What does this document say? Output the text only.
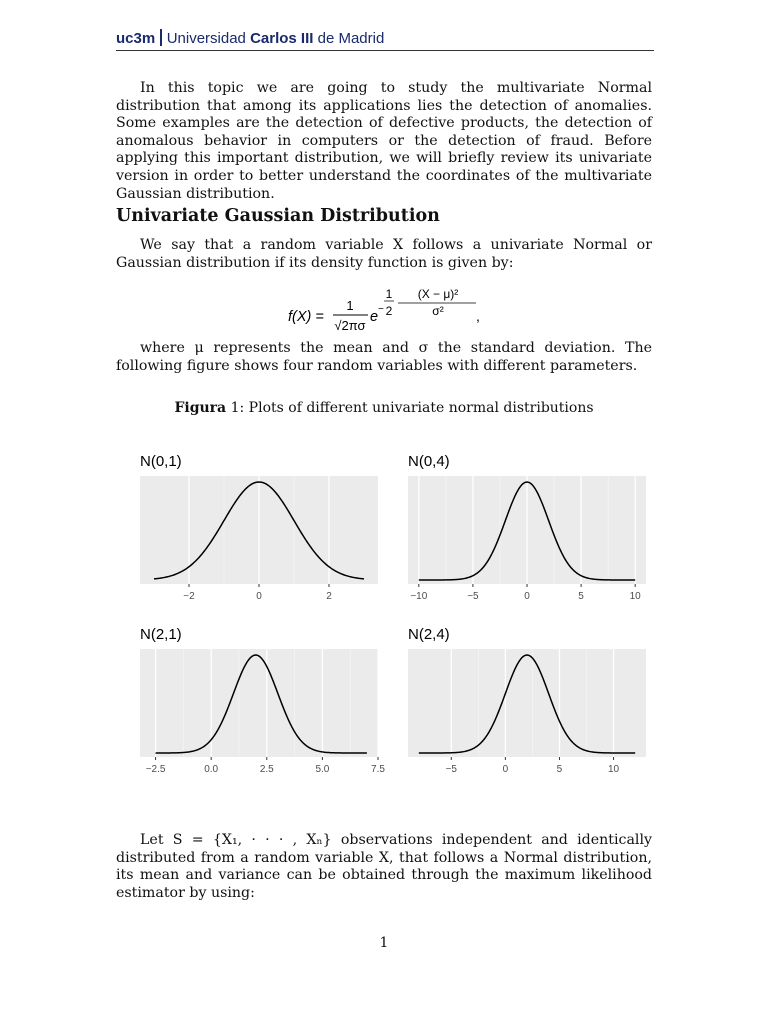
uc3m Universidad Carlos III de Madrid

In this topic we are going to study the multivariate Normal distribution that among its applications lies the detection of anomalies. Some examples are the detection of defective products, the detection of anomalous behavior in computers or the detection of fraud. Before applying this important distribution, we will briefly review its univariate version in order to better understand the coordinates of the multivariate Gaussian distribution.

Univariate Gaussian Distribution

We say that a random variable X follows a univariate Normal or Gaussian distribution if its density function is given by:

f(X) =
1
√2πσ
e −
1
2
(X − μ)²
σ² ,

where μ represents the mean and σ the standard deviation. The following figure shows four random variables with different parameters.

Figura 1: Plots of different univariate normal distributions
N(0,1)
−2	0	2
N(0,4)
−10	−5	0	5	10
N(2,1)
−2.5	0.0	2.5	5.0	7.5
N(2,4)
−5	0	5	10

Let S = {X₁, · · · , Xₙ} observations independent and identically distributed from a random variable X, that follows a Normal distribution, its mean and variance can be obtained through the maximum likelihood estimator by using:

1
